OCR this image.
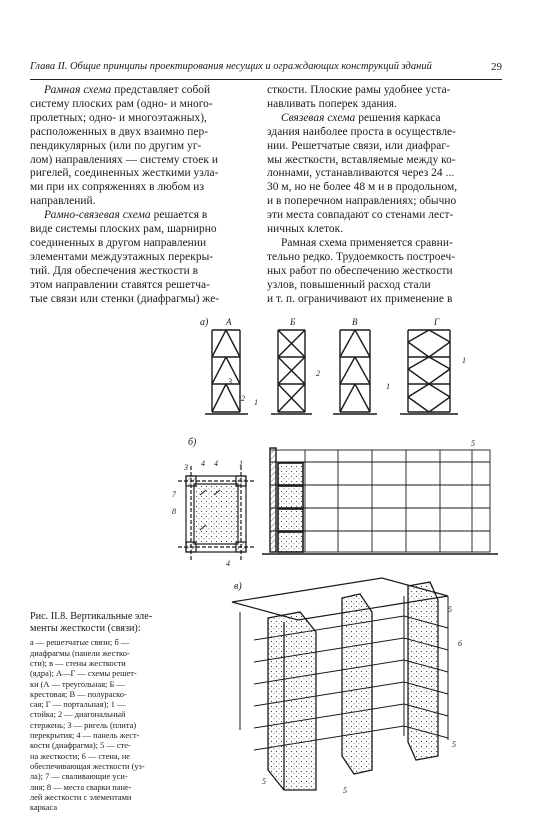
Глава II. Общие принципы проектирования несущих и ограждающих конструкций зданий	29
Рамная схема представляет собой
систему плоских рам (одно- и много-
пролетных; одно- и многоэтажных),
расположенных в двух взаимно пер-
пендикулярных (или по другим уг-
лом) направлениях — систему стоек и
ригелей, соединенных жесткими узла-
ми при их сопряжениях в любом из
направлений.
Рамно-связевая схема решается в
виде системы плоских рам, шарнирно
соединенных в другом направлении
элементами междуэтажных перекры-
тий. Для обеспечения жесткости в
этом направлении ставятся решетча-
тые связи или стенки (диафрагмы) же-
сткости. Плоские рамы удобнее уста-
навливать поперек здания.
Связевая схема решения каркаса
здания наиболее проста в осуществле-
нии. Решетчатые связи, или диафраг-
мы жесткости, вставляемые между ко-
лоннами, устанавливаются через 24 ...
30 м, но не более 48 м и в продольном,
и в поперечном направлениях; обычно
эти места совпадают со стенами лест-
ничных клеток.
Рамная схема применяется сравни-
тельно редко. Трудоемкость построеч-
ных работ по обеспечению жесткости
узлов, повышенный расход стали
и т. п. ограничивают их применение в
а) А	Б	В	Г
3
2 1
2
1
1
б)
3 4 4	1
7
8
4
5
в)
5
6
5
5
5
Рис. II.8. Вертикальные эле-
менты жесткости (связи):
а — решетчатые связи; б —
диафрагмы (панели жестко-
сти); в — стены жесткости
(ядра); А—Г — схемы решет-
ки (А — треугольная; Б —
крестовая; В — полураско-
сая; Г — портальная); 1 —
стойка; 2 — диагональный
стержень; 3 — ригель (плита)
перекрытия; 4 — панель жест-
кости (диафрагма); 5 — сте-
на жесткости; 6 — стена, не
обеспечивающая жесткости (уз-
ла); 7 — сваливающие уси-
лия; 8 — места сварки пане-
лей жесткости с элементами
каркаса
